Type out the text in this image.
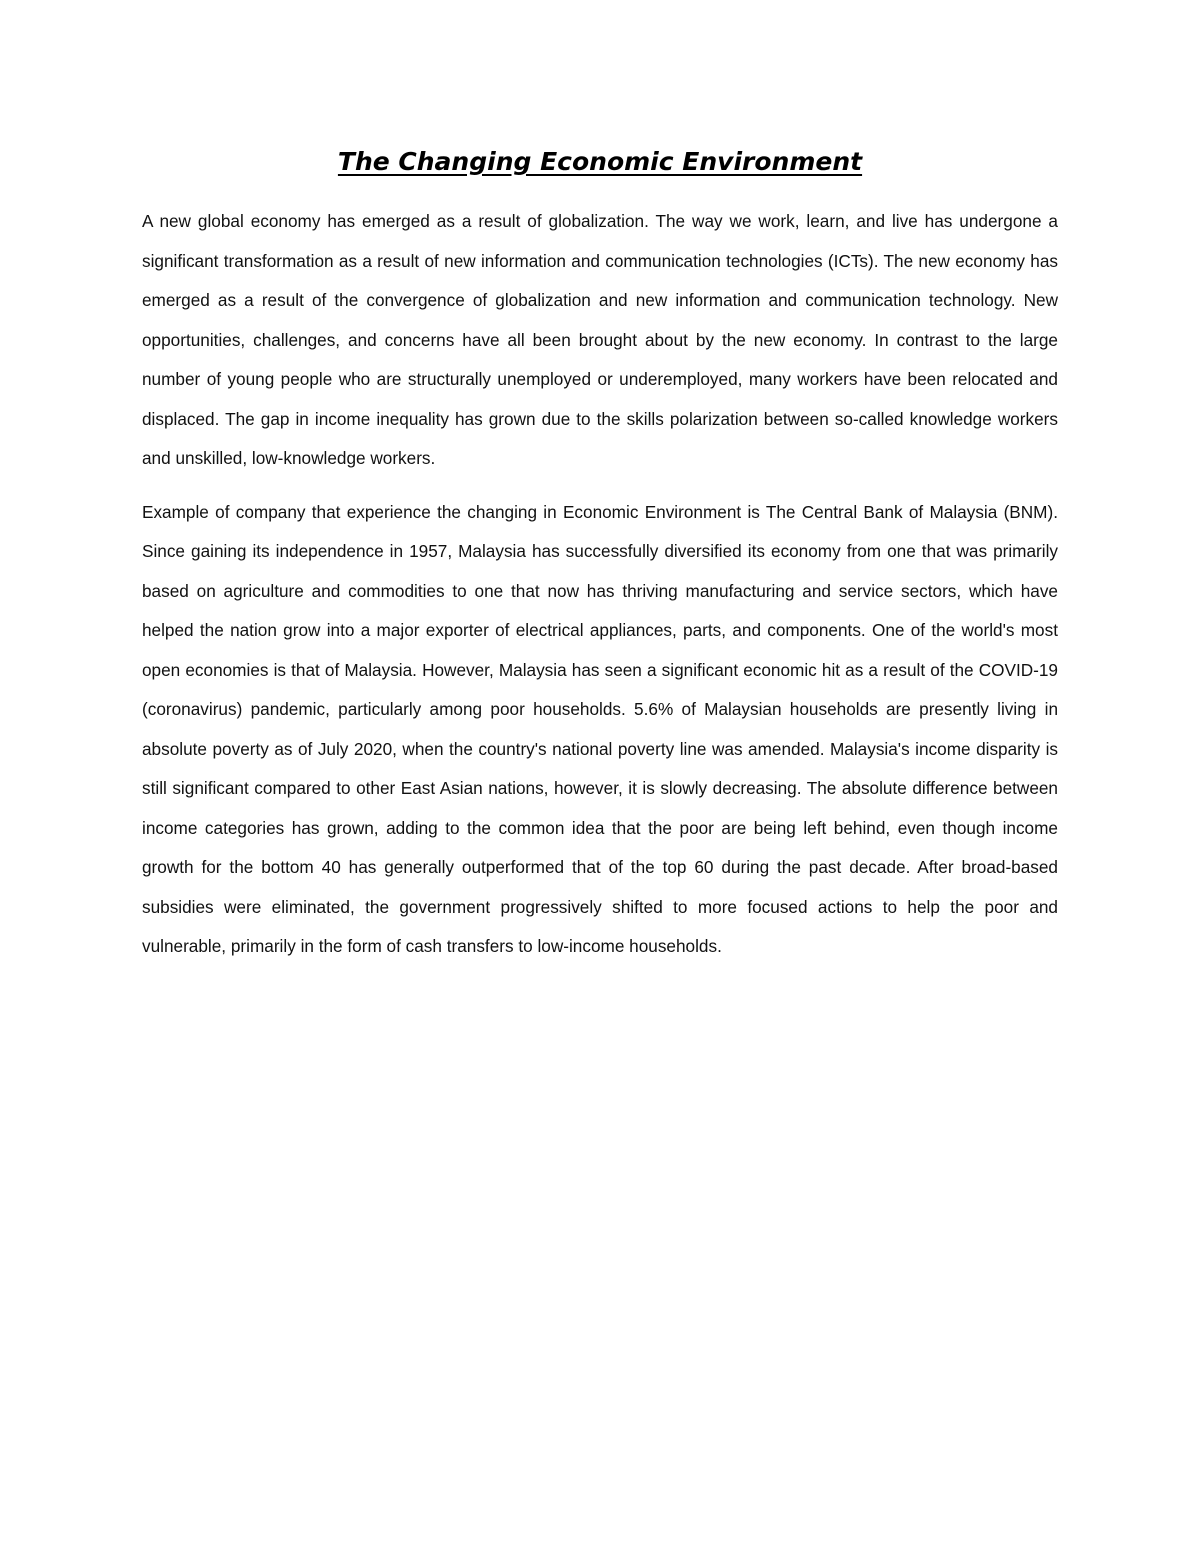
The Changing Economic Environment

A new global economy has emerged as a result of globalization. The way we work, learn, and live has undergone a significant transformation as a result of new information and communication technologies (ICTs). The new economy has emerged as a result of the convergence of globalization and new information and communication technology. New opportunities, challenges, and concerns have all been brought about by the new economy. In contrast to the large number of young people who are structurally unemployed or underemployed, many workers have been relocated and displaced. The gap in income inequality has grown due to the skills polarization between so-called knowledge workers and unskilled, low-knowledge workers.

Example of company that experience the changing in Economic Environment is The Central Bank of Malaysia (BNM). Since gaining its independence in 1957, Malaysia has successfully diversified its economy from one that was primarily based on agriculture and commodities to one that now has thriving manufacturing and service sectors, which have helped the nation grow into a major exporter of electrical appliances, parts, and components. One of the world's most open economies is that of Malaysia. However, Malaysia has seen a significant economic hit as a result of the COVID-19 (coronavirus) pandemic, particularly among poor households. 5.6% of Malaysian households are presently living in absolute poverty as of July 2020, when the country's national poverty line was amended. Malaysia's income disparity is still significant compared to other East Asian nations, however, it is slowly decreasing. The absolute difference between income categories has grown, adding to the common idea that the poor are being left behind, even though income growth for the bottom 40 has generally outperformed that of the top 60 during the past decade. After broad-based subsidies were eliminated, the government progressively shifted to more focused actions to help the poor and vulnerable, primarily in the form of cash transfers to low-income households.
